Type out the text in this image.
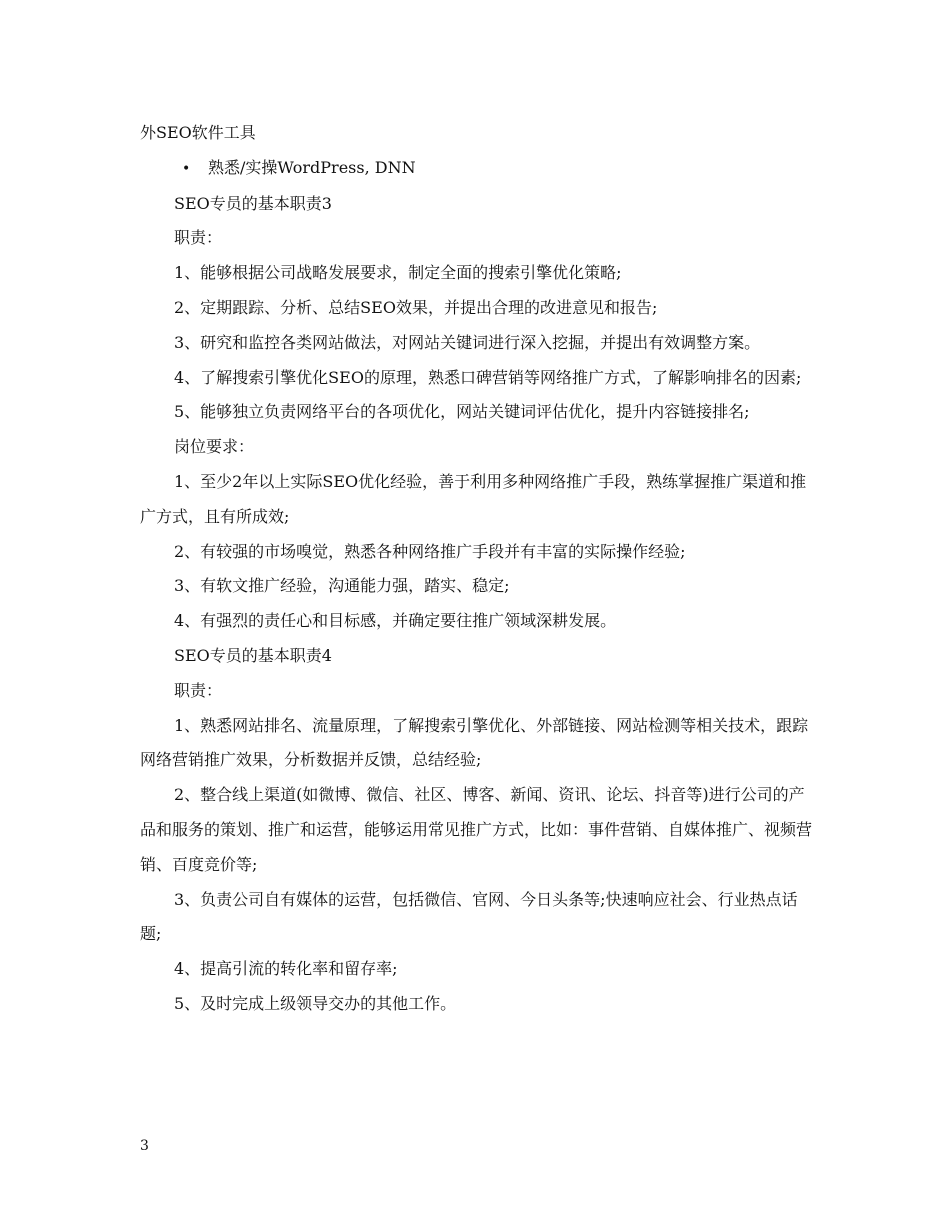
外SEO软件工具

•	熟悉/实操WordPress, DNN

SEO专员的基本职责3

职责：

1、能够根据公司战略发展要求，制定全面的搜索引擎优化策略;

2、定期跟踪、分析、总结SEO效果，并提出合理的改进意见和报告;

3、研究和监控各类网站做法，对网站关键词进行深入挖掘，并提出有效调整方案。

4、了解搜索引擎优化SEO的原理，熟悉口碑营销等网络推广方式，了解影响排名的因素;

5、能够独立负责网络平台的各项优化，网站关键词评估优化，提升内容链接排名;

岗位要求：

1、至少2年以上实际SEO优化经验，善于利用多种网络推广手段，熟练掌握推广渠道和推广方式，且有所成效;

2、有较强的市场嗅觉，熟悉各种网络推广手段并有丰富的实际操作经验;

3、有软文推广经验，沟通能力强，踏实、稳定;

4、有强烈的责任心和目标感，并确定要往推广领域深耕发展。

SEO专员的基本职责4

职责：

1、熟悉网站排名、流量原理，了解搜索引擎优化、外部链接、网站检测等相关技术，跟踪网络营销推广效果，分析数据并反馈，总结经验;

2、整合线上渠道(如微博、微信、社区、博客、新闻、资讯、论坛、抖音等)进行公司的产品和服务的策划、推广和运营，能够运用常见推广方式，比如：事件营销、自媒体推广、视频营销、百度竞价等;

3、负责公司自有媒体的运营，包括微信、官网、今日头条等;快速响应社会、行业热点话题;

4、提高引流的转化率和留存率;

5、及时完成上级领导交办的其他工作。

3
